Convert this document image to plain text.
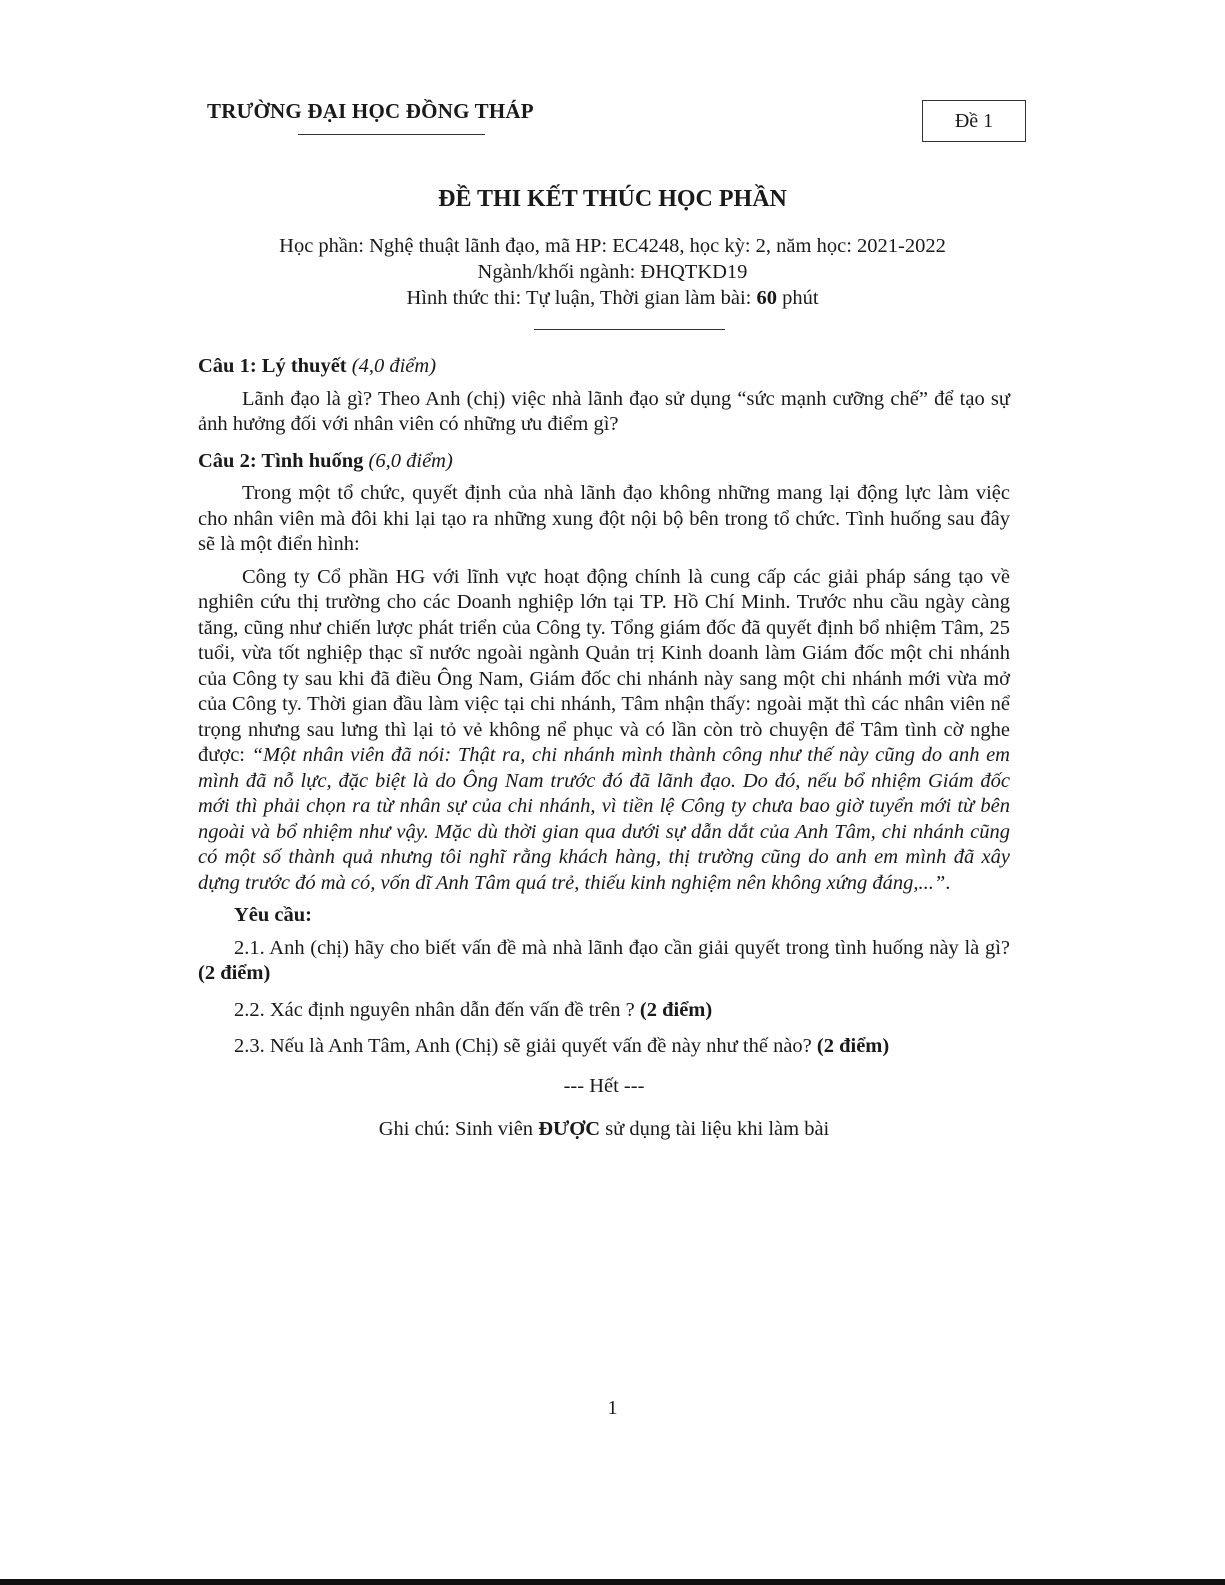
TRƯỜNG ĐẠI HỌC ĐỒNG THÁP	Đề 1
ĐỀ THI KẾT THÚC HỌC PHẦN
Học phần: Nghệ thuật lãnh đạo, mã HP: EC4248, học kỳ: 2, năm học: 2021-2022
Ngành/khối ngành: ĐHQTKD19
Hình thức thi: Tự luận, Thời gian làm bài: 60 phút

Câu 1: Lý thuyết (4,0 điểm)

Lãnh đạo là gì? Theo Anh (chị) việc nhà lãnh đạo sử dụng “sức mạnh cưỡng chế” để tạo sự ảnh hưởng đối với nhân viên có những ưu điểm gì?

Câu 2: Tình huống (6,0 điểm)

Trong một tổ chức, quyết định của nhà lãnh đạo không những mang lại động lực làm việc cho nhân viên mà đôi khi lại tạo ra những xung đột nội bộ bên trong tổ chức. Tình huống sau đây sẽ là một điển hình:

Công ty Cổ phần HG với lĩnh vực hoạt động chính là cung cấp các giải pháp sáng tạo về nghiên cứu thị trường cho các Doanh nghiệp lớn tại TP. Hồ Chí Minh. Trước nhu cầu ngày càng tăng, cũng như chiến lược phát triển của Công ty. Tổng giám đốc đã quyết định bổ nhiệm Tâm, 25 tuổi, vừa tốt nghiệp thạc sĩ nước ngoài ngành Quản trị Kinh doanh làm Giám đốc một chi nhánh của Công ty sau khi đã điều Ông Nam, Giám đốc chi nhánh này sang một chi nhánh mới vừa mở của Công ty. Thời gian đầu làm việc tại chi nhánh, Tâm nhận thấy: ngoài mặt thì các nhân viên nể trọng nhưng sau lưng thì lại tỏ vẻ không nể phục và có lần còn trò chuyện để Tâm tình cờ nghe được: “Một nhân viên đã nói: Thật ra, chi nhánh mình thành công như thế này cũng do anh em mình đã nỗ lực, đặc biệt là do Ông Nam trước đó đã lãnh đạo. Do đó, nếu bổ nhiệm Giám đốc mới thì phải chọn ra từ nhân sự của chi nhánh, vì tiền lệ Công ty chưa bao giờ tuyển mới từ bên ngoài và bổ nhiệm như vậy. Mặc dù thời gian qua dưới sự dẫn dắt của Anh Tâm, chi nhánh cũng có một số thành quả nhưng tôi nghĩ rằng khách hàng, thị trường cũng do anh em mình đã xây dựng trước đó mà có, vốn dĩ Anh Tâm quá trẻ, thiếu kinh nghiệm nên không xứng đáng,...”.

Yêu cầu:

2.1. Anh (chị) hãy cho biết vấn đề mà nhà lãnh đạo cần giải quyết trong tình huống này là gì? (2 điểm)

2.2. Xác định nguyên nhân dẫn đến vấn đề trên ? (2 điểm)

2.3. Nếu là Anh Tâm, Anh (Chị) sẽ giải quyết vấn đề này như thế nào? (2 điểm)

--- Hết ---

Ghi chú: Sinh viên ĐƯỢC sử dụng tài liệu khi làm bài

1
